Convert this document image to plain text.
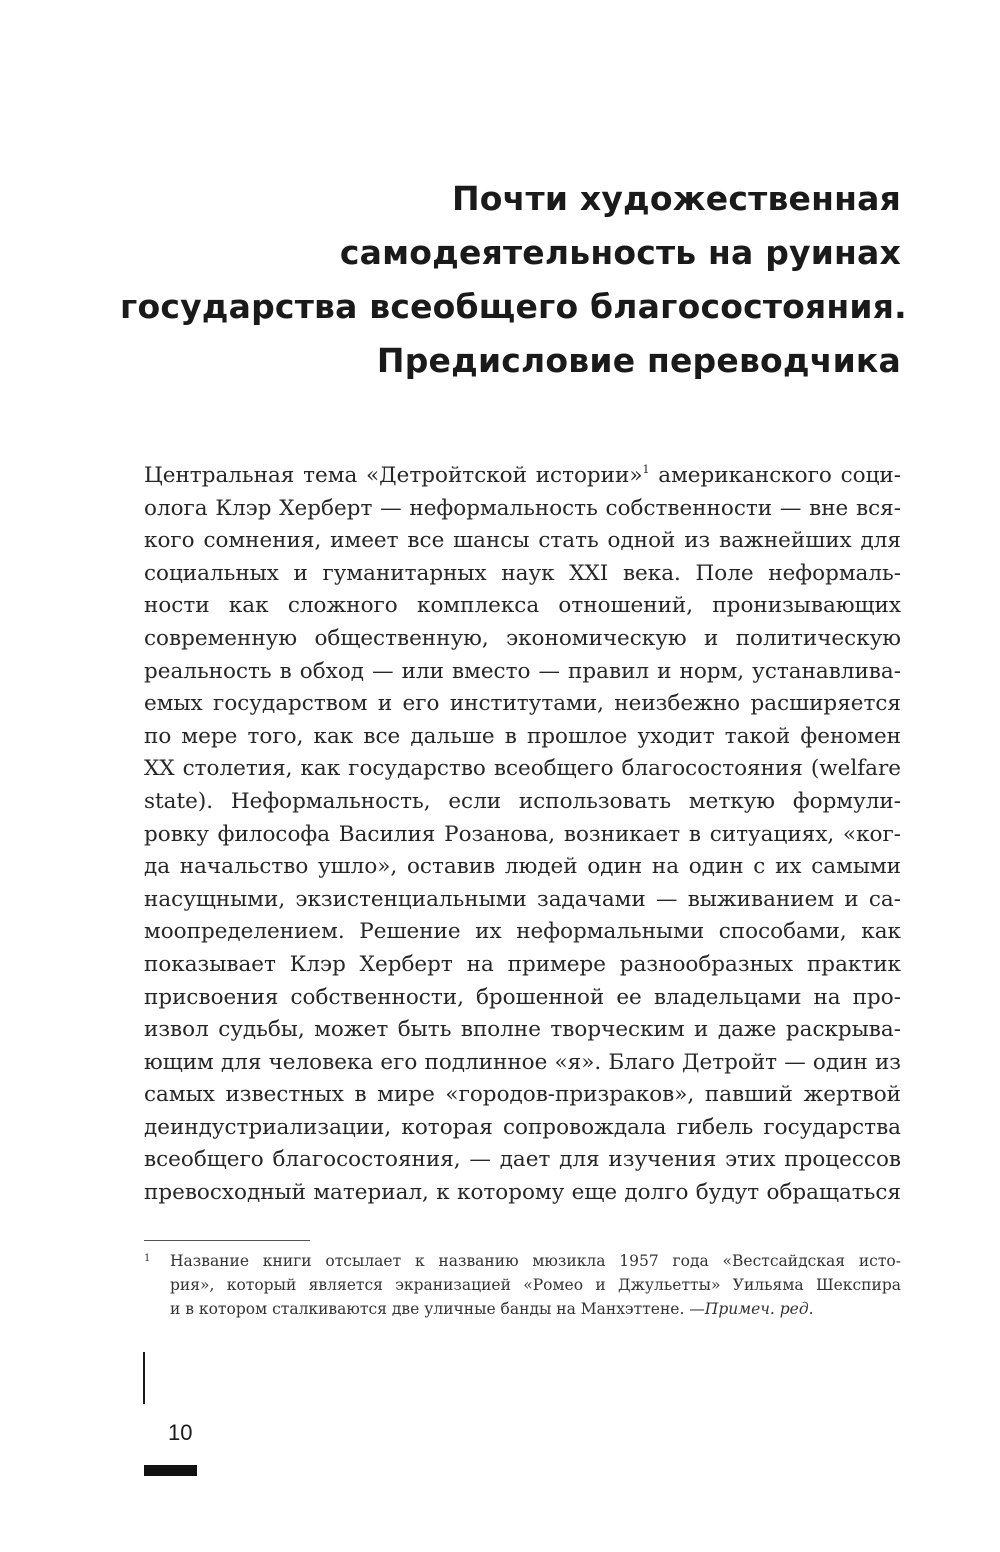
Почти художественная
самодеятельность на руинах
государства всеобщего благосостояния.
Предисловие переводчика
Центральная тема «Детройтской истории»$^1$ американского соци-
олога Клэр Херберт — неформальность собственности — вне вся-
кого сомнения, имеет все шансы стать одной из важнейших для
социальных и гуманитарных наук XXI века. Поле неформаль-
ности как сложного комплекса отношений, пронизывающих
современную общественную, экономическую и политическую
реальность в обход — или вместо — правил и норм, устанавлива-
емых государством и его институтами, неизбежно расширяется
по мере того, как все дальше в прошлое уходит такой феномен
XX столетия, как государство всеобщего благосостояния (welfare
state). Неформальность, если использовать меткую формули-
ровку философа Василия Розанова, возникает в ситуациях, «ког-
да начальство ушло», оставив людей один на один с их самыми
насущными, экзистенциальными задачами — выживанием и са-
моопределением. Решение их неформальными способами, как
показывает Клэр Херберт на примере разнообразных практик
присвоения собственности, брошенной ее владельцами на про-
извол судьбы, может быть вполне творческим и даже раскрыва-
ющим для человека его подлинное «я». Благо Детройт — один из
самых известных в мире «городов-призраков», павший жертвой
деиндустриализации, которая сопровождала гибель государства
всеобщего благосостояния, — дает для изучения этих процессов
превосходный материал, к которому еще долго будут обращаться
1 Название книги отсылает к названию мюзикла 1957 года «Вестсайдская исто-
рия», который является экранизацией «Ромео и Джульетты» Уильяма Шекспира
и в котором сталкиваются две уличные банды на Манхэттене. —Примеч. ред.
10
